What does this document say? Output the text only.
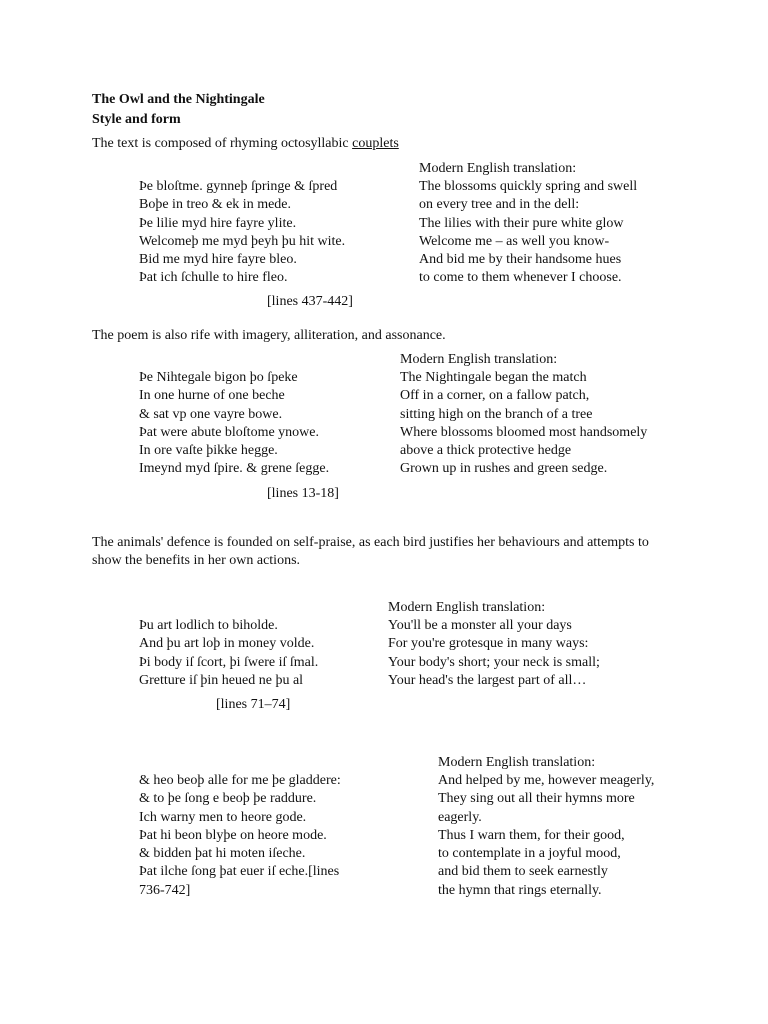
The Owl and the Nightingale
Style and form
The text is composed of rhyming octosyllabic couplets
Modern English translation:
Þe bloſtme. gynneþ ſpringe & ſpred
Boþe in treo & ek in mede.
Þe lilie myd hire fayre ylite.
Welcomeþ me myd þeyh þu hit wite.
Bid me myd hire fayre bleo.
Þat ich ſchulle to hire fleo.
The blossoms quickly spring and swell
on every tree and in the dell:
The lilies with their pure white glow
Welcome me – as well you know-
And bid me by their handsome hues
to come to them whenever I choose.
[lines 437-442]
The poem is also rife with imagery, alliteration, and assonance.
Modern English translation:
Þe Nihtegale bigon þo ſpeke
In one hurne of one beche
& sat vp one vayre bowe.
Þat were abute bloſtome ynowe.
In ore vaſte þikke hegge.
Imeynd myd ſpire. & grene ſegge.
The Nightingale began the match
Off in a corner, on a fallow patch,
sitting high on the branch of a tree
Where blossoms bloomed most handsomely
above a thick protective hedge
Grown up in rushes and green sedge.
[lines 13-18]
The animals' defence is founded on self-praise, as each bird justifies her behaviours and attempts to show the benefits in her own actions.
Modern English translation:
Þu art lodlich to biholde.
And þu art loþ in money volde.
Þi body iſ ſcort, þi ſwere iſ ſmal.
Gretture iſ þin heued ne þu al
You'll be a monster all your days
For you're grotesque in many ways:
Your body's short; your neck is small;
Your head's the largest part of all…
[lines 71–74]
Modern English translation:
& heo beoþ alle for me þe gladdere:
& to þe ſong e beoþ þe raddure.
Ich warny men to heore gode.
Þat hi beon blyþe on heore mode.
& bidden þat hi moten iſeche.
Þat ilche ſong þat euer iſ eche.[lines
736-742]
And helped by me, however meagerly,
They sing out all their hymns more
eagerly.
Thus I warn them, for their good,
to contemplate in a joyful mood,
and bid them to seek earnestly
the hymn that rings eternally.
